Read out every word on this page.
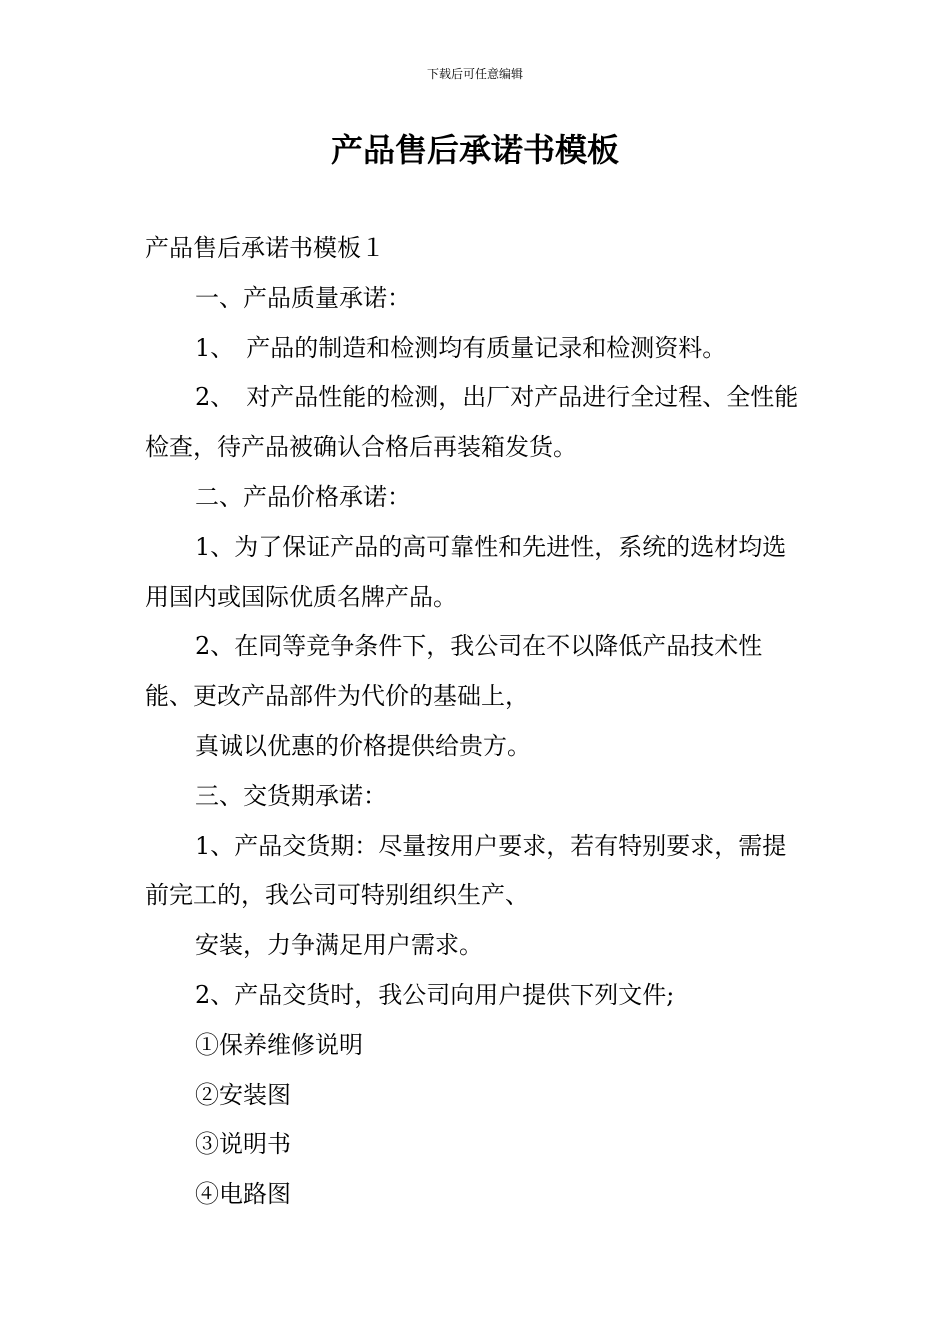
下载后可任意编辑
产品售后承诺书模板

产品售后承诺书模板１

一、产品质量承诺：

1、　产品的制造和检测均有质量记录和检测资料。

2、　对产品性能的检测，出厂对产品进行全过程、全性能检查，待产品被确认合格后再装箱发货。

二、产品价格承诺：

1、为了保证产品的高可靠性和先进性，系统的选材均选用国内或国际优质名牌产品。

2、在同等竞争条件下，我公司在不以降低产品技术性能、更改产品部件为代价的基础上，

真诚以优惠的价格提供给贵方。

三、交货期承诺：

1、产品交货期：尽量按用户要求，若有特别要求，需提前完工的，我公司可特别组织生产、

安装，力争满足用户需求。

2、产品交货时，我公司向用户提供下列文件;

①保养维修说明

②安装图

③说明书

④电路图
